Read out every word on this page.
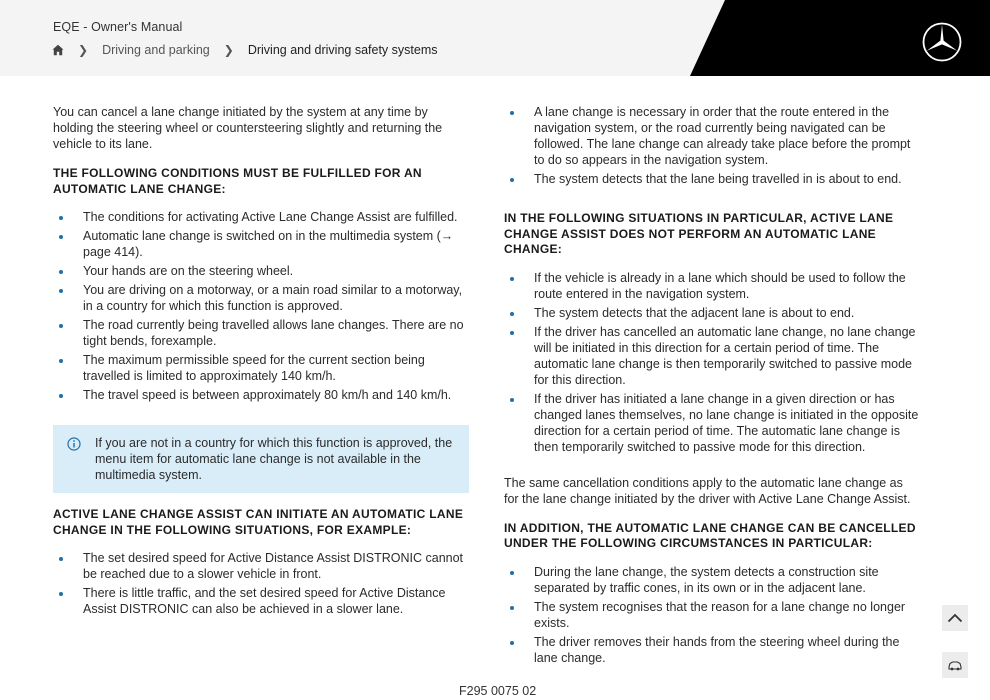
EQE - Owner's Manual
❯ Driving and parking ❯ Driving and driving safety systems

You can cancel a lane change initiated by the system at any time by holding the steering wheel or countersteering slightly and returning the vehicle to its lane.

THE FOLLOWING CONDITIONS MUST BE FULFILLED FOR AN AUTOMATIC LANE CHANGE:
The conditions for activating Active Lane Change Assist are fulfilled.
Automatic lane change is switched on in the multimedia system (→ page 414).
Your hands are on the steering wheel.
You are driving on a motorway, or a main road similar to a motorway, in a country for which this function is approved.
The road currently being travelled allows lane changes. There are no tight bends, forexample.
The maximum permissible speed for the current section being travelled is limited to approximately 140 km/h.
The travel speed is between approximately 80 km/h and 140 km/h.
If you are not in a country for which this function is approved, the menu item for automatic lane change is not available in the multimedia system.
ACTIVE LANE CHANGE ASSIST CAN INITIATE AN AUTOMATIC LANE CHANGE IN THE FOLLOWING SITUATIONS, FOR EXAMPLE:
The set desired speed for Active Distance Assist DISTRONIC cannot be reached due to a slower vehicle in front.
There is little traffic, and the set desired speed for Active Distance Assist DISTRONIC can also be achieved in a slower lane.
A lane change is necessary in order that the route entered in the navigation system, or the road currently being navigated can be followed. The lane change can already take place before the prompt to do so appears in the navigation system.
The system detects that the lane being travelled in is about to end.
IN THE FOLLOWING SITUATIONS IN PARTICULAR, ACTIVE LANE CHANGE ASSIST DOES NOT PERFORM AN AUTOMATIC LANE CHANGE:
If the vehicle is already in a lane which should be used to follow the route entered in the navigation system.
The system detects that the adjacent lane is about to end.
If the driver has cancelled an automatic lane change, no lane change will be initiated in this direction for a certain period of time. The automatic lane change is then temporarily switched to passive mode for this direction.
If the driver has initiated a lane change in a given direction or has changed lanes themselves, no lane change is initiated in the opposite direction for a certain period of time. The automatic lane change is then temporarily switched to passive mode for this direction.

The same cancellation conditions apply to the automatic lane change as for the lane change initiated by the driver with Active Lane Change Assist.

IN ADDITION, THE AUTOMATIC LANE CHANGE CAN BE CANCELLED UNDER THE FOLLOWING CIRCUMSTANCES IN PARTICULAR:
During the lane change, the system detects a construction site separated by traffic cones, in its own or in the adjacent lane.
The system recognises that the reason for a lane change no longer exists.
The driver removes their hands from the steering wheel during the lane change.
F295 0075 02
